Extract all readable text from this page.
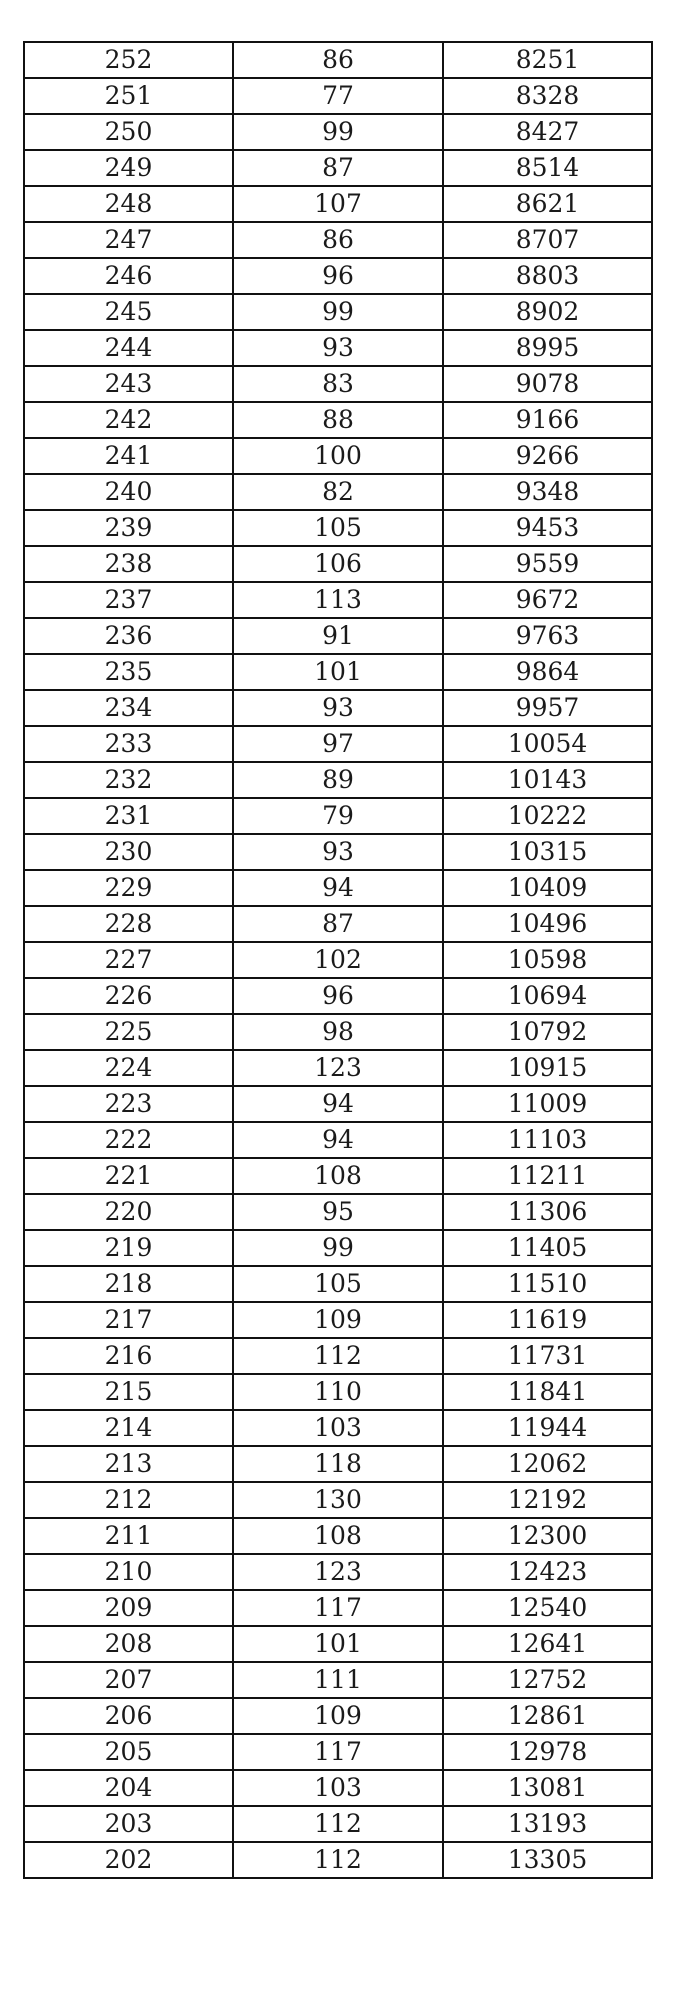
252	86	8251
251	77	8328
250	99	8427
249	87	8514
248	107	8621
247	86	8707
246	96	8803
245	99	8902
244	93	8995
243	83	9078
242	88	9166
241	100	9266
240	82	9348
239	105	9453
238	106	9559
237	113	9672
236	91	9763
235	101	9864
234	93	9957
233	97	10054
232	89	10143
231	79	10222
230	93	10315
229	94	10409
228	87	10496
227	102	10598
226	96	10694
225	98	10792
224	123	10915
223	94	11009
222	94	11103
221	108	11211
220	95	11306
219	99	11405
218	105	11510
217	109	11619
216	112	11731
215	110	11841
214	103	11944
213	118	12062
212	130	12192
211	108	12300
210	123	12423
209	117	12540
208	101	12641
207	111	12752
206	109	12861
205	117	12978
204	103	13081
203	112	13193
202	112	13305
